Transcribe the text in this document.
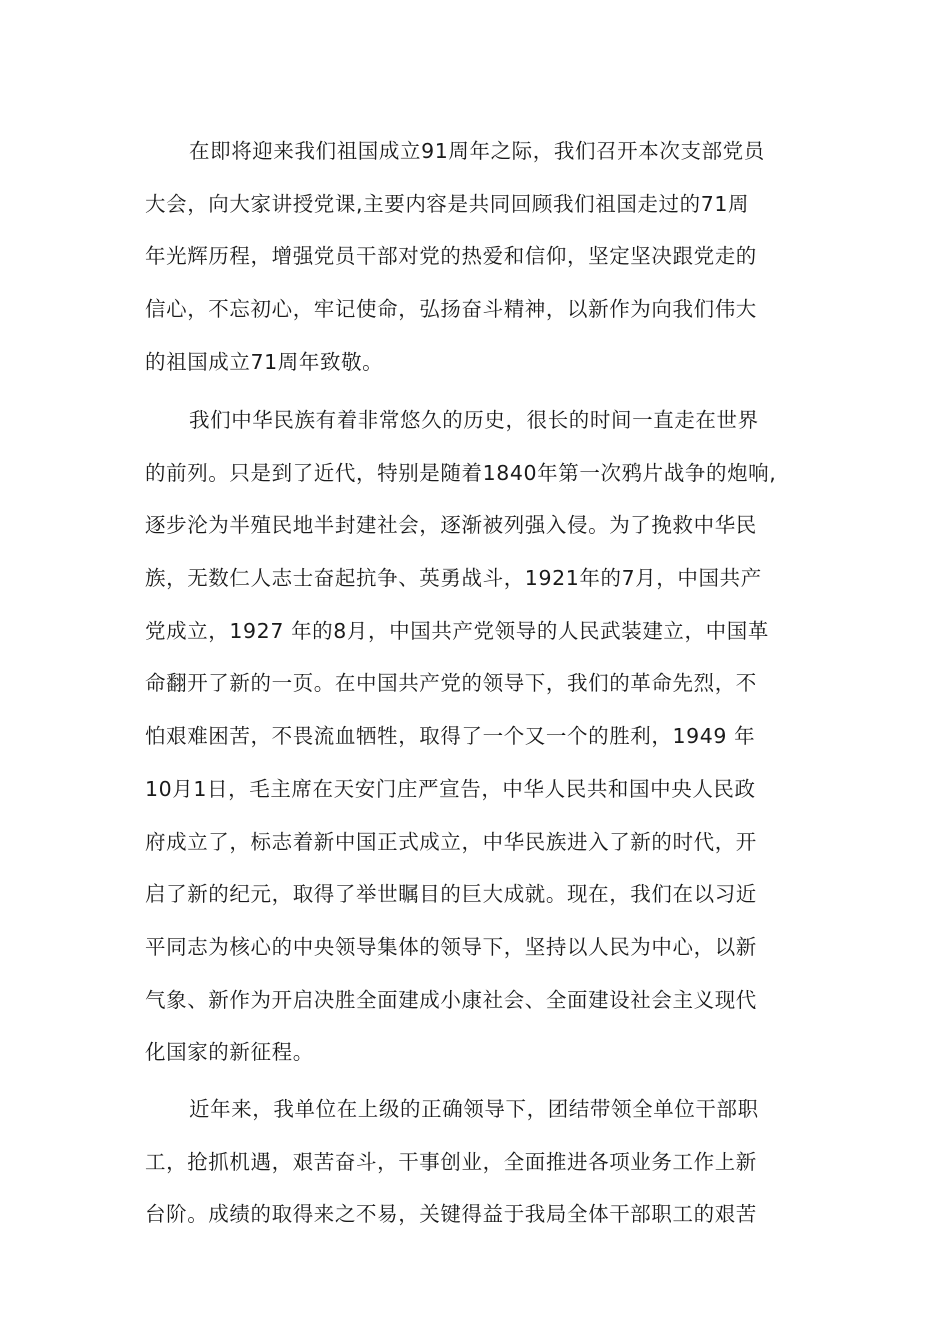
在即将迎来我们祖国成立91周年之际，我们召开本次支部党员
大会，向大家讲授党课,主要内容是共同回顾我们祖国走过的71周
年光辉历程，增强党员干部对党的热爱和信仰，坚定坚决跟党走的
信心，不忘初心，牢记使命，弘扬奋斗精神，以新作为向我们伟大
的祖国成立71周年致敬。
我们中华民族有着非常悠久的历史，很长的时间一直走在世界
的前列。只是到了近代，特别是随着1840年第一次鸦片战争的炮响,
逐步沦为半殖民地半封建社会，逐渐被列强入侵。为了挽救中华民
族，无数仁人志士奋起抗争、英勇战斗，1921年的7月，中国共产
党成立，1927 年的8月，中国共产党领导的人民武装建立，中国革
命翻开了新的一页。在中国共产党的领导下，我们的革命先烈，不
怕艰难困苦，不畏流血牺牲，取得了一个又一个的胜利，1949 年
10月1日，毛主席在天安门庄严宣告，中华人民共和国中央人民政
府成立了，标志着新中国正式成立，中华民族进入了新的时代，开
启了新的纪元，取得了举世瞩目的巨大成就。现在，我们在以习近
平同志为核心的中央领导集体的领导下，坚持以人民为中心，以新
气象、新作为开启决胜全面建成小康社会、全面建设社会主义现代
化国家的新征程。
近年来，我单位在上级的正确领导下，团结带领全单位干部职
工，抢抓机遇，艰苦奋斗，干事创业，全面推进各项业务工作上新
台阶。成绩的取得来之不易，关键得益于我局全体干部职工的艰苦
